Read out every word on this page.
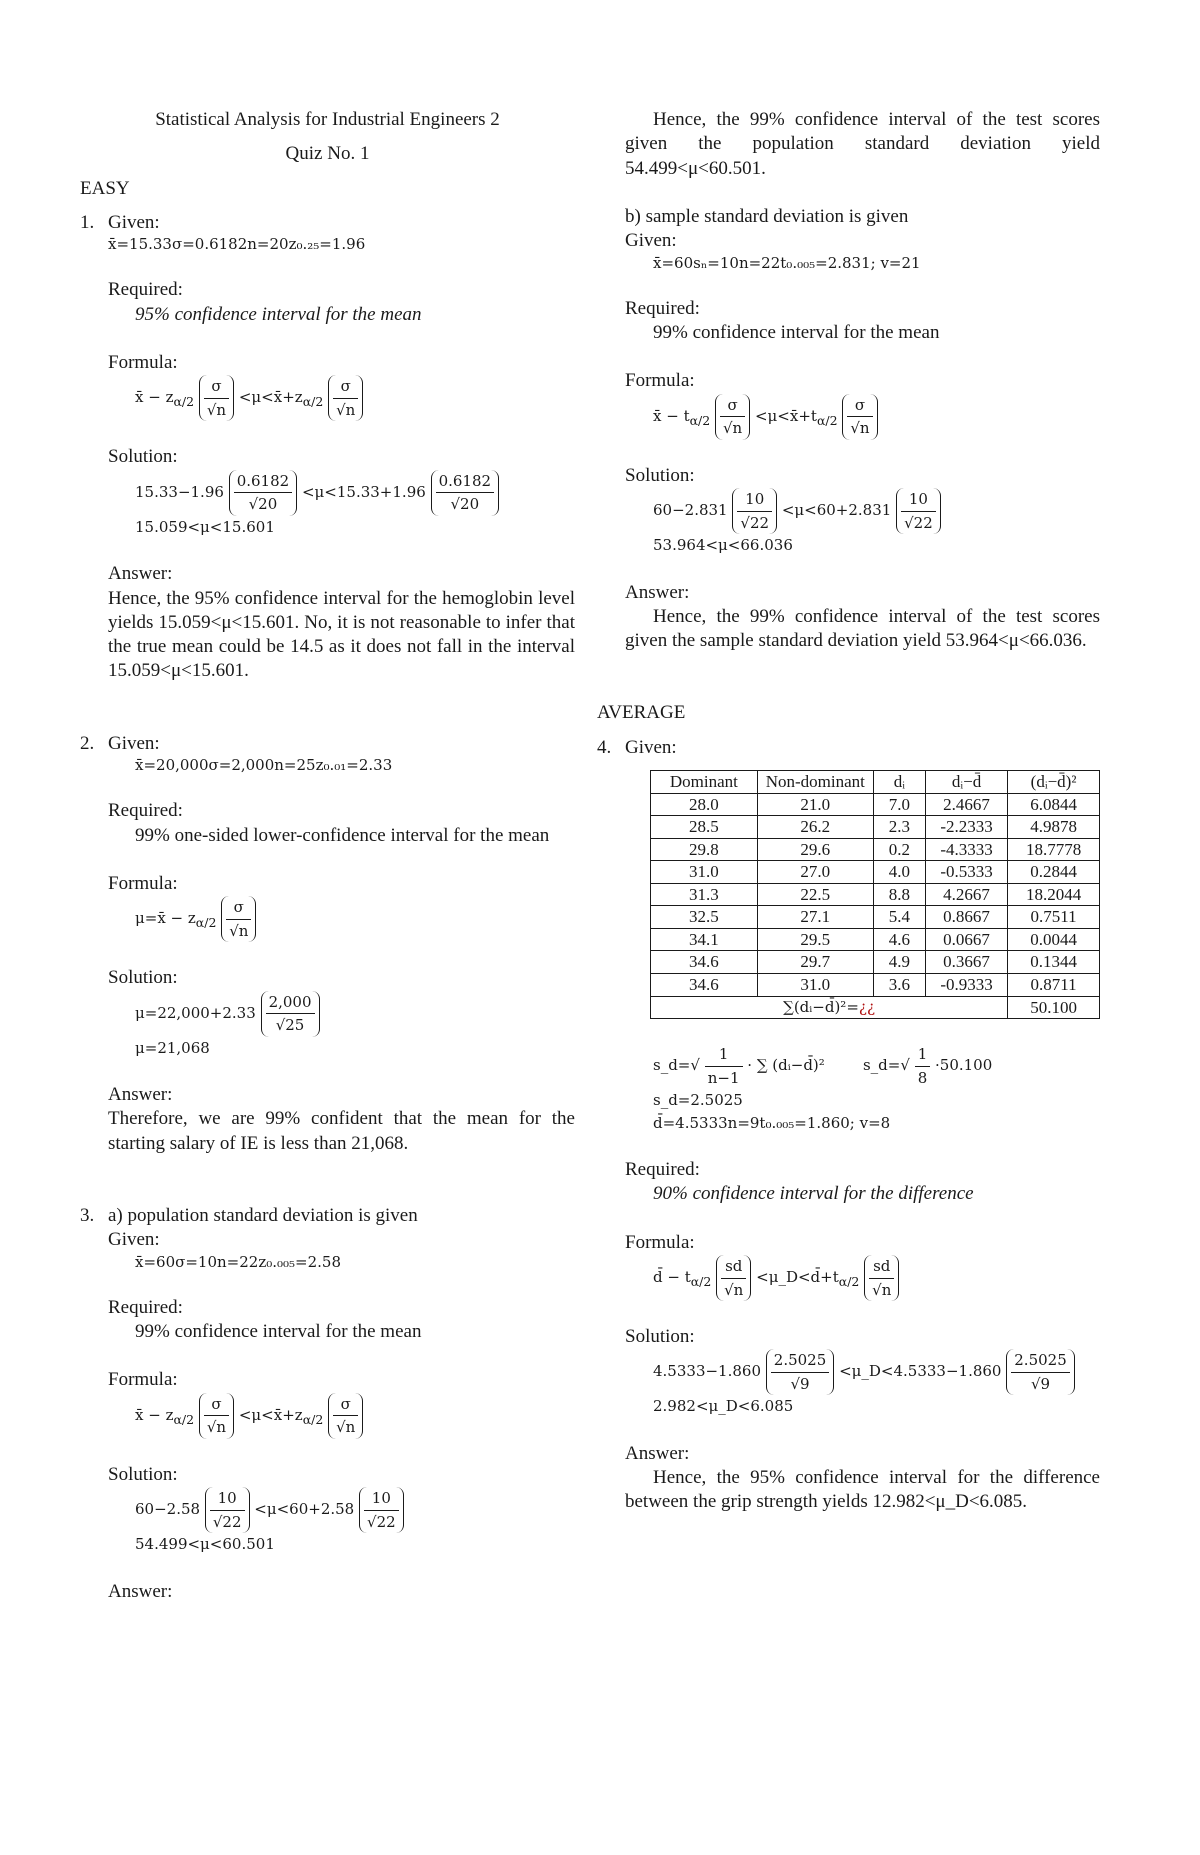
Statistical Analysis for Industrial Engineers 2

Quiz No. 1

EASY

1. Given:

x̄=15.33σ=0.6182n=20z₀.₂₅=1.96

Required:

95% confidence interval for the mean

Formula:

x̄ − $z_{\alpha/2} \frac{\sigma}{√n}$ $<\mu<x̄+z_{\alpha/2} \frac{\sigma}{√n}$

Solution:

$15.33-1.96 \frac{0.6182}{√20} <\mu<15.33+1.96 \frac{0.6182}{√20}$

15.059<μ<15.601

Answer:

Hence, the 95% confidence interval for the hemoglobin level yields 15.059<μ<15.601. No, it is not reasonable to infer that the true mean could be 14.5 as it does not fall in the interval 15.059<μ<15.601.

2. Given:

x̄=20,000σ=2,000n=25z₀.₀₁=2.33

Required:

99% one-sided lower-confidence interval for the mean

Formula:

μ=x̄ − $z_{\alpha/2} \frac{\sigma}{√n}$

Solution:

$\mu=22,000+2.33 \frac{2,000}{√25}$

μ=21,068

Answer:

Therefore, we are 99% confident that the mean for the starting salary of IE is less than 21,068.

3. a) population standard deviation is given

Given:

x̄=60σ=10n=22z₀.₀₀₅=2.58

Required:

99% confidence interval for the mean

Formula:

x̄ − $z_{\alpha/2} \frac{\sigma}{√n}$ $<\mu<x̄+z_{\alpha/2} \frac{\sigma}{√n}$

Solution:

$60-2.58 \frac{10}{√22} <\mu<60+2.58 \frac{10}{√22}$

54.499<μ<60.501

Answer:

Hence, the 99% confidence interval of the test scores given the population standard deviation yield 54.499<μ<60.501.

b) sample standard deviation is given

Given:

x̄=60sₙ=10n=22t₀.₀₀₅=2.831; v=21

Required:

99% confidence interval for the mean

Formula:

x̄ − $t_{\alpha/2} \frac{\sigma}{√n}$ $<\mu<x̄+t_{\alpha/2} \frac{\sigma}{√n}$

Solution:

$60-2.831 \frac{10}{√22} <\mu<60+2.831 \frac{10}{√22}$

53.964<μ<66.036

Answer:

Hence, the 99% confidence interval of the test scores given the sample standard deviation yield 53.964<μ<66.036.

AVERAGE

4. Given:

Dominant	Non-dominant	dᵢ	dᵢ−d̄	(dᵢ−d̄)²
28.0	21.0	7.0	2.4667	6.0844
28.5	26.2	2.3	-2.2333	4.9878
29.8	29.6	0.2	-4.3333	18.7778
31.0	27.0	4.0	-0.5333	0.2844
31.3	22.5	8.8	4.2667	18.2044
32.5	27.1	5.4	0.8667	0.7511
34.1	29.5	4.6	0.0667	0.0044
34.6	29.7	4.9	0.3667	0.1344
34.6	31.0	3.6	-0.9333	0.8711
∑(dᵢ−d̄)²=¿¿				50.100
s_d=√ $\frac{1}{n-1}$ · ∑ (dᵢ−d̄)²	s_d=√ $\frac{1}{8} \cdot 50.100$

s_d=2.5025

d̄=4.5333n=9t₀.₀₀₅=1.860; v=8

Required:

90% confidence interval for the difference

Formula:

d̄ − $t_{\alpha/2} \frac{sd}{√n}$ $<\mu\_D<d̄+t_{\alpha/2} \frac{sd}{√n}$

Solution:

$4.5333-1.860 \frac{2.5025}{√9}$ <μ_D<4.5333−1.860 $\frac{2.5025}{√9}$

2.982<μ_D<6.085

Answer:

Hence, the 95% confidence interval for the difference between the grip strength yields 12.982<μ_D<6.085.
